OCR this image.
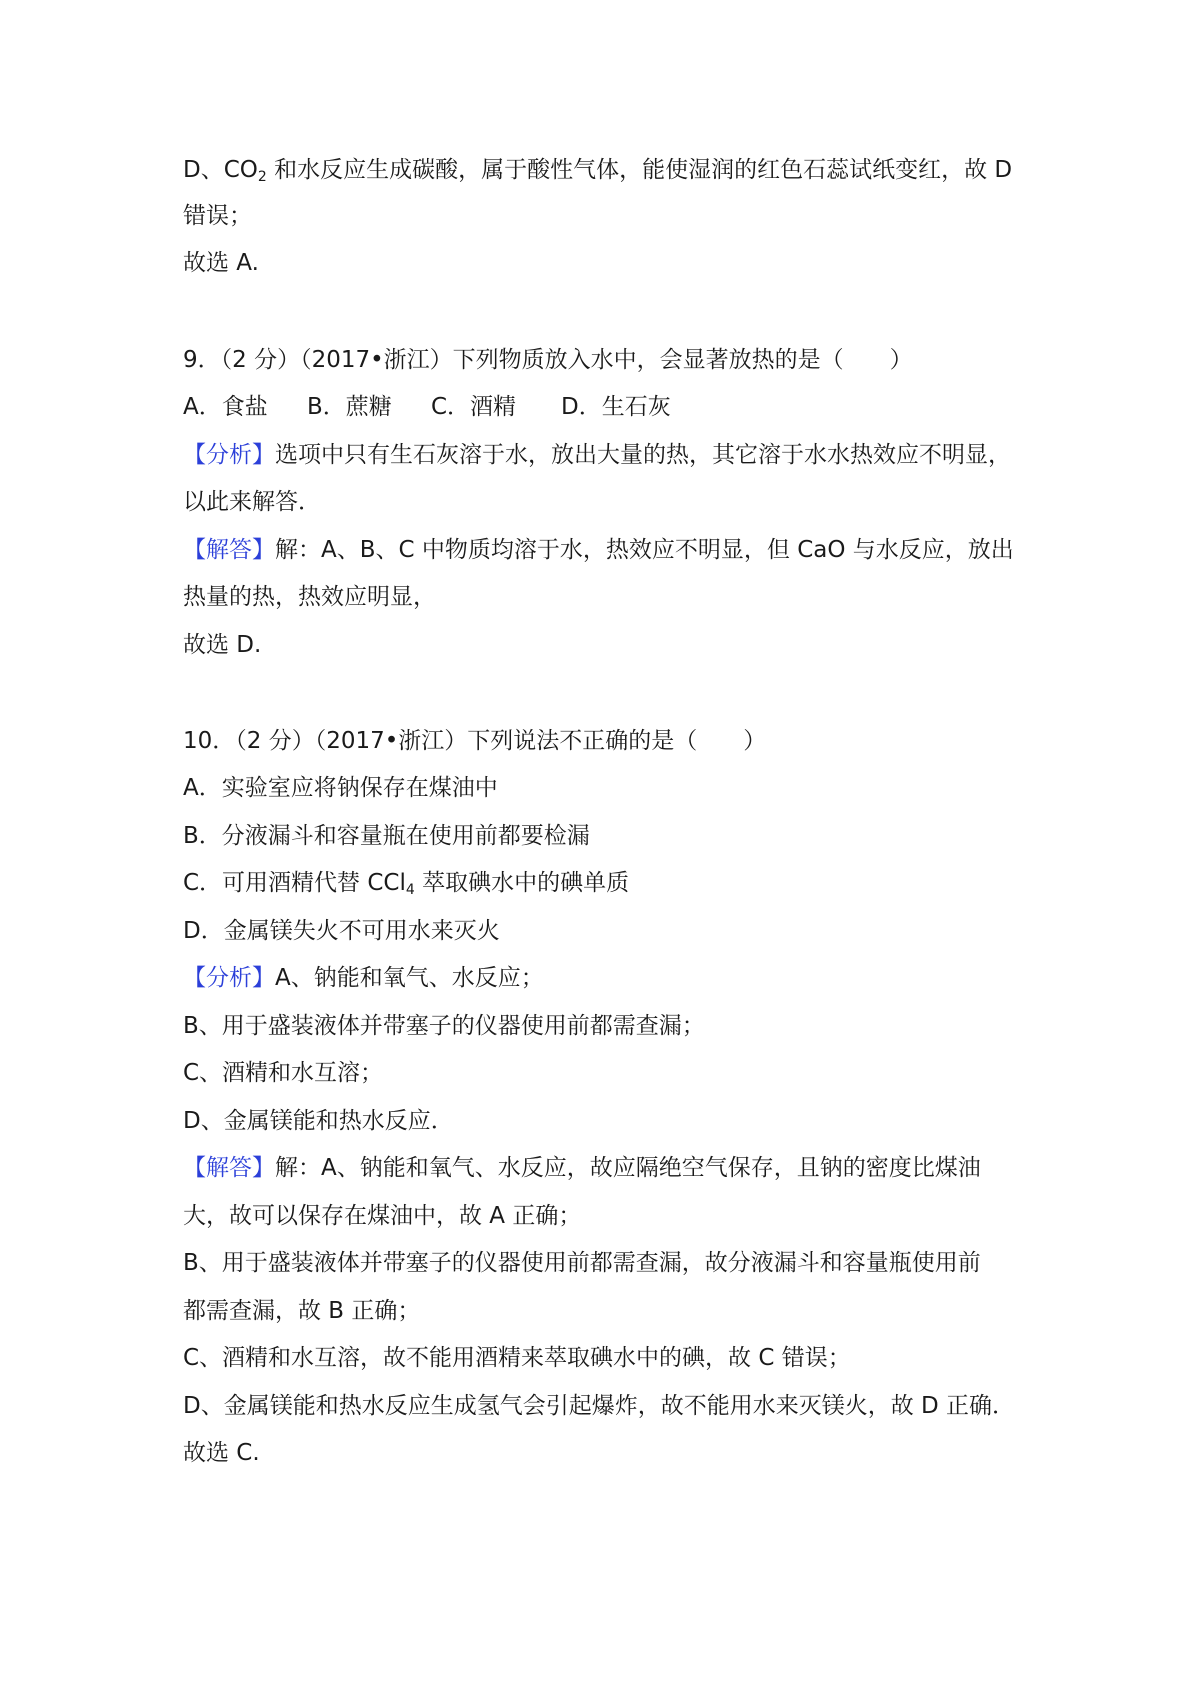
D、$CO_2$ 和水反应生成碳酸，属于酸性气体，能使湿润的红色石蕊试纸变红，故 D
错误；
故选 A.
9．（2 分）（2017•浙江）下列物质放入水中，会显著放热的是（　　）
A．食盐 B．蔗糖 C．酒精 D．生石灰
【分析】选项中只有生石灰溶于水，放出大量的热，其它溶于水水热效应不明显，
以此来解答．
【解答】解：A、B、C 中物质均溶于水，热效应不明显，但 CaO 与水反应，放出
热量的热，热效应明显，
故选 D.
10．（2 分）（2017•浙江）下列说法不正确的是（　　）
A．实验室应将钠保存在煤油中
B．分液漏斗和容量瓶在使用前都要检漏
C．可用酒精代替 CCl$_4$ 萃取碘水中的碘单质
D．金属镁失火不可用水来灭火
【分析】A、钠能和氧气、水反应；
B、用于盛装液体并带塞子的仪器使用前都需查漏；
C、酒精和水互溶；
D、金属镁能和热水反应．
【解答】解：A、钠能和氧气、水反应，故应隔绝空气保存，且钠的密度比煤油
大，故可以保存在煤油中，故 A 正确；
B、用于盛装液体并带塞子的仪器使用前都需查漏，故分液漏斗和容量瓶使用前
都需查漏，故 B 正确；
C、酒精和水互溶，故不能用酒精来萃取碘水中的碘，故 C 错误；
D、金属镁能和热水反应生成氢气会引起爆炸，故不能用水来灭镁火，故 D 正确．
故选 C.
